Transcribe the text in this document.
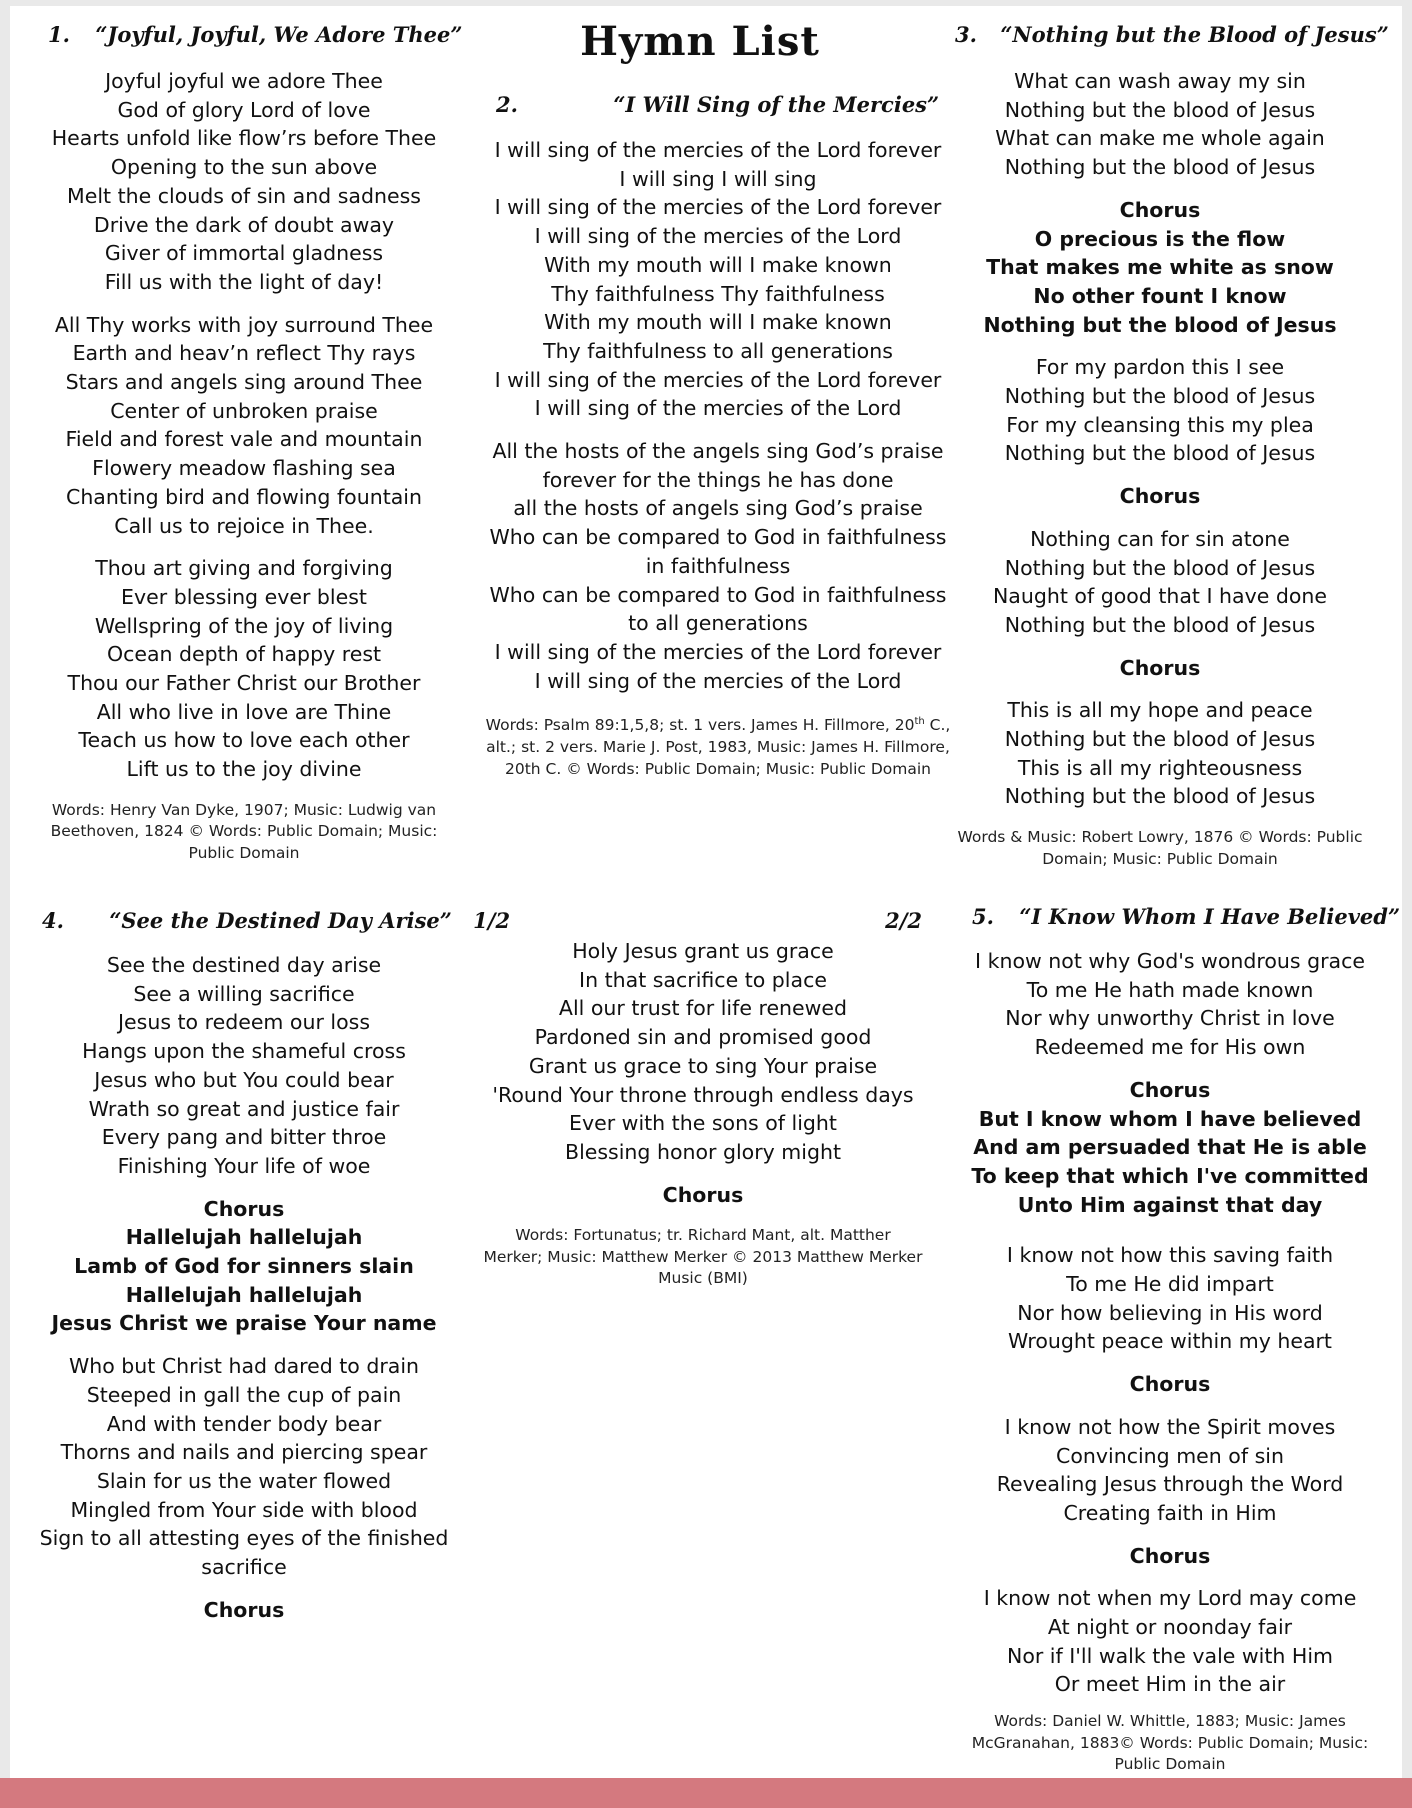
Hymn List
1. “Joyful, Joyful, We Adore Thee”
Joyful joyful we adore Thee
God of glory Lord of love
Hearts unfold like flow’rs before Thee
Opening to the sun above
Melt the clouds of sin and sadness
Drive the dark of doubt away
Giver of immortal gladness
Fill us with the light of day!
All Thy works with joy surround Thee
Earth and heav’n reflect Thy rays
Stars and angels sing around Thee
Center of unbroken praise
Field and forest vale and mountain
Flowery meadow flashing sea
Chanting bird and flowing fountain
Call us to rejoice in Thee.
Thou art giving and forgiving
Ever blessing ever blest
Wellspring of the joy of living
Ocean depth of happy rest
Thou our Father Christ our Brother
All who live in love are Thine
Teach us how to love each other
Lift us to the joy divine
Words: Henry Van Dyke, 1907; Music: Ludwig van
Beethoven, 1824 © Words: Public Domain; Music:
Public Domain
2.	“I Will Sing of the Mercies”
I will sing of the mercies of the Lord forever
I will sing I will sing
I will sing of the mercies of the Lord forever
I will sing of the mercies of the Lord
With my mouth will I make known
Thy faithfulness Thy faithfulness
With my mouth will I make known
Thy faithfulness to all generations
I will sing of the mercies of the Lord forever
I will sing of the mercies of the Lord
All the hosts of the angels sing God’s praise
forever for the things he has done
all the hosts of angels sing God’s praise
Who can be compared to God in faithfulness
in faithfulness
Who can be compared to God in faithfulness
to all generations
I will sing of the mercies of the Lord forever
I will sing of the mercies of the Lord
Words: Psalm 89:1,5,8; st. 1 vers. James H. Fillmore, 20th C.,
alt.; st. 2 vers. Marie J. Post, 1983, Music: James H. Fillmore,
20th C. © Words: Public Domain; Music: Public Domain
3. “Nothing but the Blood of Jesus”
What can wash away my sin
Nothing but the blood of Jesus
What can make me whole again
Nothing but the blood of Jesus
Chorus
O precious is the flow
That makes me white as snow
No other fount I know
Nothing but the blood of Jesus
For my pardon this I see
Nothing but the blood of Jesus
For my cleansing this my plea
Nothing but the blood of Jesus
Chorus
Nothing can for sin atone
Nothing but the blood of Jesus
Naught of good that I have done
Nothing but the blood of Jesus
Chorus
This is all my hope and peace
Nothing but the blood of Jesus
This is all my righteousness
Nothing but the blood of Jesus
Words & Music: Robert Lowry, 1876 © Words: Public
Domain; Music: Public Domain
4. “See the Destined Day Arise” 1/2
See the destined day arise
See a willing sacrifice
Jesus to redeem our loss
Hangs upon the shameful cross
Jesus who but You could bear
Wrath so great and justice fair
Every pang and bitter throe
Finishing Your life of woe
Chorus
Hallelujah hallelujah
Lamb of God for sinners slain
Hallelujah hallelujah
Jesus Christ we praise Your name
Who but Christ had dared to drain
Steeped in gall the cup of pain
And with tender body bear
Thorns and nails and piercing spear
Slain for us the water flowed
Mingled from Your side with blood
Sign to all attesting eyes of the finished
sacrifice
Chorus
2/2
Holy Jesus grant us grace
In that sacrifice to place
All our trust for life renewed
Pardoned sin and promised good
Grant us grace to sing Your praise
'Round Your throne through endless days
Ever with the sons of light
Blessing honor glory might
Chorus
Words: Fortunatus; tr. Richard Mant, alt. Matther
Merker; Music: Matthew Merker © 2013 Matthew Merker
Music (BMI)
5. “I Know Whom I Have Believed”
I know not why God's wondrous grace
To me He hath made known
Nor why unworthy Christ in love
Redeemed me for His own
Chorus
But I know whom I have believed
And am persuaded that He is able
To keep that which I've committed
Unto Him against that day
I know not how this saving faith
To me He did impart
Nor how believing in His word
Wrought peace within my heart
Chorus
I know not how the Spirit moves
Convincing men of sin
Revealing Jesus through the Word
Creating faith in Him
Chorus
I know not when my Lord may come
At night or noonday fair
Nor if I'll walk the vale with Him
Or meet Him in the air
Words: Daniel W. Whittle, 1883; Music: James
McGranahan, 1883© Words: Public Domain; Music:
Public Domain
